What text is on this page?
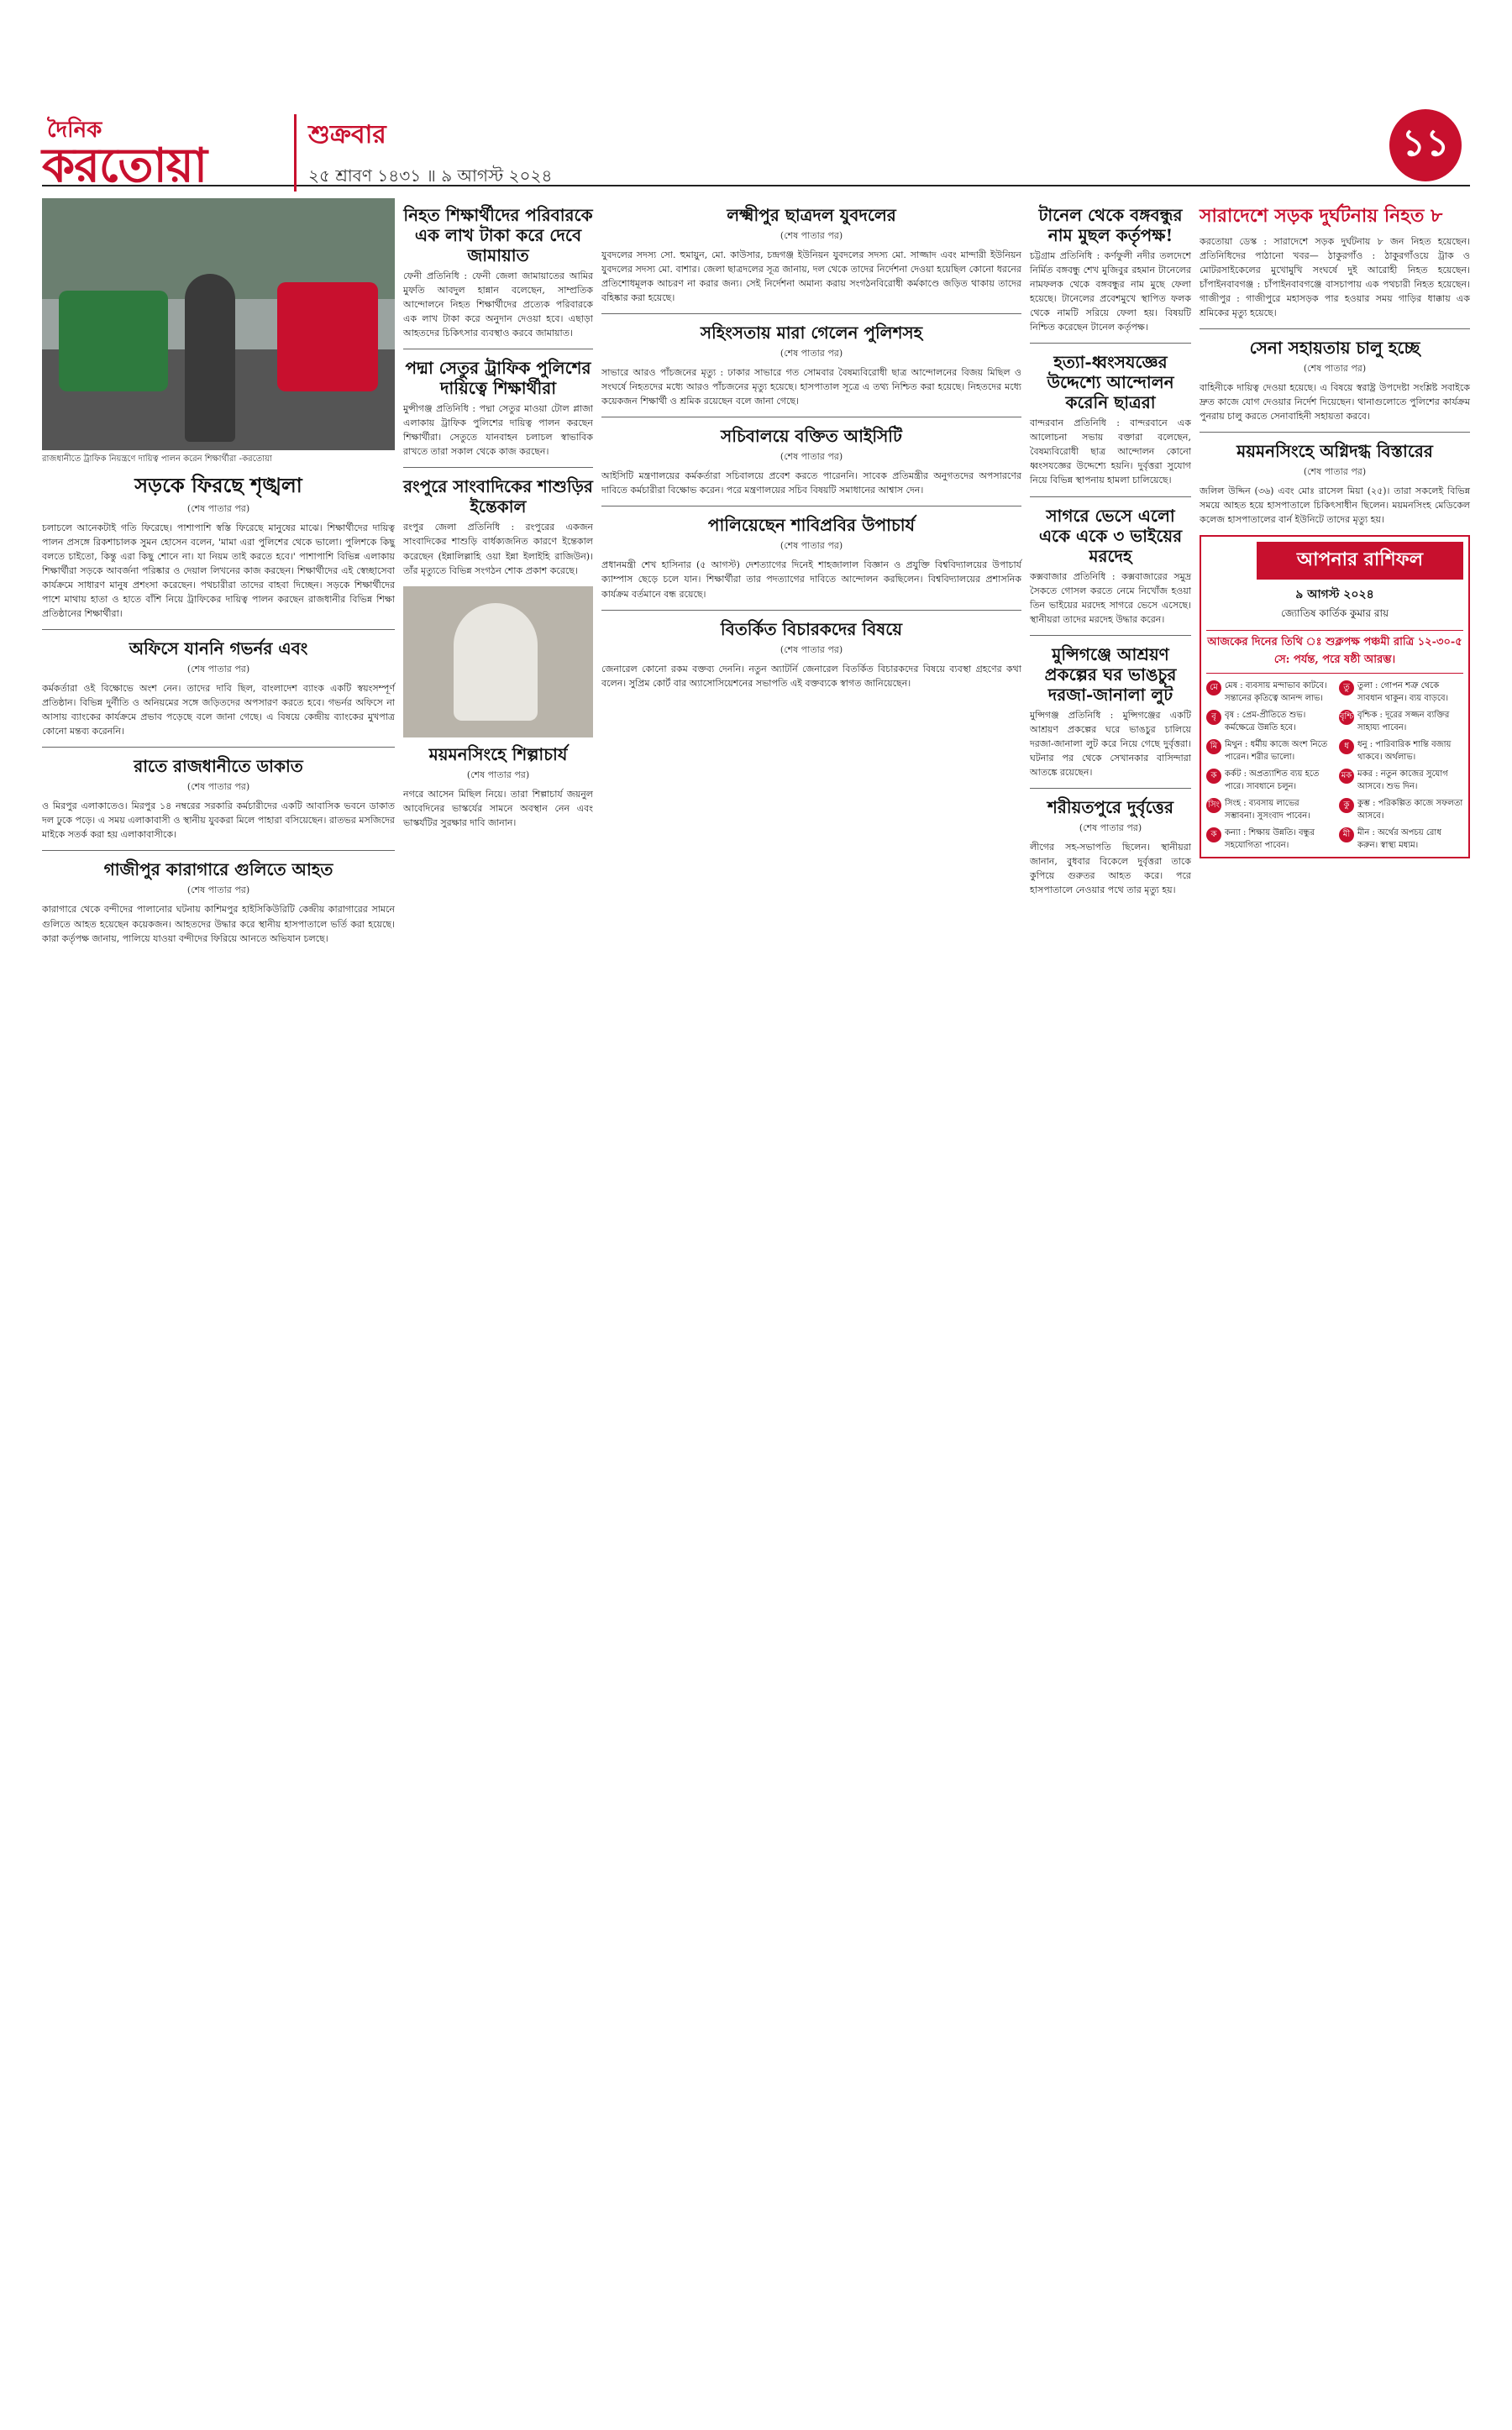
দৈনিক
করতোয়া
শুক্রবার
২৫ শ্রাবণ ১৪৩১ ॥ ৯ আগস্ট ২০২৪
১১
রাজধানীতে ট্রাফিক নিয়ন্ত্রণে দায়িত্ব পালন করেন শিক্ষার্থীরা -করতোয়া
সড়কে ফিরছে শৃঙ্খলা
(শেষ পাতার পর)
চলাচলে আনেকটাই গতি ফিরেছে। পাশাপাশি স্বস্তি ফিরেছে মানুষের মাঝে। শিক্ষার্থীদের দায়িত্ব পালন প্রসঙ্গে রিকশাচালক সুমন হোসেন বলেন, 'মামা এরা পুলিশের থেকে ভালো। পুলিশকে কিছু বলতে চাইতো, কিন্তু এরা কিছু শোনে না। যা নিয়ম তাই করতে হবে।' পাশাপাশি বিভিন্ন এলাকায় শিক্ষার্থীরা সড়কে আবর্জনা পরিষ্কার ও দেয়াল লিখনের কাজ করছেন। শিক্ষার্থীদের এই স্বেচ্ছাসেবা কার্যক্রমে সাধারণ মানুষ প্রশংসা করেছেন। পথচারীরা তাদের বাহবা দিচ্ছেন। সড়কে শিক্ষার্থীদের পাশে মাথায় হাতা ও হাতে বাঁশি নিয়ে ট্রাফিকের দায়িত্ব পালন করছেন রাজধানীর বিভিন্ন শিক্ষা প্রতিষ্ঠানের শিক্ষার্থীরা।
অফিসে যাননি গভর্নর এবং
(শেষ পাতার পর)
কর্মকর্তারা ওই বিক্ষোভে অংশ নেন। তাদের দাবি ছিল, বাংলাদেশ ব্যাংক একটি স্বয়ংসম্পূর্ণ প্রতিষ্ঠান। বিভিন্ন দুর্নীতি ও অনিয়মের সঙ্গে জড়িতদের অপসারণ করতে হবে। গভর্নর অফিসে না আসায় ব্যাংকের কার্যক্রমে প্রভাব পড়েছে বলে জানা গেছে। এ বিষয়ে কেন্দ্রীয় ব্যাংকের মুখপাত্র কোনো মন্তব্য করেননি।
রাতে রাজধানীতে ডাকাত
(শেষ পাতার পর)
ও মিরপুর এলাকাতেও। মিরপুর ১৪ নম্বরের সরকারি কর্মচারীদের একটি আবাসিক ভবনে ডাকাত দল ঢুকে পড়ে। এ সময় এলাকাবাসী ও স্থানীয় যুবকরা মিলে পাহারা বসিয়েছেন। রাতভর মসজিদের মাইকে সতর্ক করা হয় এলাকাবাসীকে।
গাজীপুর কারাগারে গুলিতে আহত
(শেষ পাতার পর)
কারাগারে থেকে বন্দীদের পালানোর ঘটনায় কাশিমপুর হাইসিকিউরিটি কেন্দ্রীয় কারাগারের সামনে গুলিতে আহত হয়েছেন কয়েকজন। আহতদের উদ্ধার করে স্থানীয় হাসপাতালে ভর্তি করা হয়েছে। কারা কর্তৃপক্ষ জানায়, পালিয়ে যাওয়া বন্দীদের ফিরিয়ে আনতে অভিযান চলছে।
নিহত শিক্ষার্থীদের পরিবারকে এক লাখ টাকা করে দেবে জামায়াত
ফেনী প্রতিনিধি : ফেনী জেলা জামায়াতের আমির মুফতি আবদুল হান্নান বলেছেন, সাম্প্রতিক আন্দোলনে নিহত শিক্ষার্থীদের প্রত্যেক পরিবারকে এক লাখ টাকা করে অনুদান দেওয়া হবে। এছাড়া আহতদের চিকিৎসার ব্যবস্থাও করবে জামায়াত।
পদ্মা সেতুর ট্রাফিক পুলিশের দায়িত্বে শিক্ষার্থীরা
মুন্সীগঞ্জ প্রতিনিধি : পদ্মা সেতুর মাওয়া টোল প্লাজা এলাকায় ট্রাফিক পুলিশের দায়িত্ব পালন করছেন শিক্ষার্থীরা। সেতুতে যানবাহন চলাচল স্বাভাবিক রাখতে তারা সকাল থেকে কাজ করছেন।
রংপুরে সাংবাদিকের শাশুড়ির ইন্তেকাল
রংপুর জেলা প্রতিনিধি : রংপুরের একজন সাংবাদিকের শাশুড়ি বার্ধক্যজনিত কারণে ইন্তেকাল করেছেন (ইন্নালিল্লাহি ওয়া ইন্না ইলাইহি রাজিউন)। তাঁর মৃত্যুতে বিভিন্ন সংগঠন শোক প্রকাশ করেছে।
ময়মনসিংহে শিল্পাচার্য
(শেষ পাতার পর)
নগরে আসেন মিছিল নিয়ে। তারা শিল্পাচার্য জয়নুল আবেদিনের ভাস্কর্যের সামনে অবস্থান নেন এবং ভাস্কর্যটির সুরক্ষার দাবি জানান।
লক্ষ্মীপুর ছাত্রদল যুবদলের
(শেষ পাতার পর)
যুবদলের সদস্য সো. হুমায়ুন, মো. কাউসার, চন্দ্রগঞ্জ ইউনিয়ন যুবদলের সদস্য মো. সাজ্জাদ এবং মান্দারী ইউনিয়ন যুবদলের সদস্য মো. বাশার। জেলা ছাত্রদলের সূত্র জানায়, দল থেকে তাদের নির্দেশনা দেওয়া হয়েছিল কোনো ধরনের প্রতিশোধমূলক আচরণ না করার জন্য। সেই নির্দেশনা অমান্য করায় সংগঠনবিরোধী কর্মকাণ্ডে জড়িত থাকায় তাদের বহিষ্কার করা হয়েছে।
সহিংসতায় মারা গেলেন পুলিশসহ
(শেষ পাতার পর)
সাভারে আরও পাঁচজনের মৃত্যু : ঢাকার সাভারে গত সোমবার বৈষম্যবিরোধী ছাত্র আন্দোলনের বিজয় মিছিল ও সংঘর্ষে নিহতদের মধ্যে আরও পাঁচজনের মৃত্যু হয়েছে। হাসপাতাল সূত্রে এ তথ্য নিশ্চিত করা হয়েছে। নিহতদের মধ্যে কয়েকজন শিক্ষার্থী ও শ্রমিক রয়েছেন বলে জানা গেছে।
সচিবালয়ে বক্তিত আইসিটি
(শেষ পাতার পর)
আইসিটি মন্ত্রণালয়ের কর্মকর্তারা সচিবালয়ে প্রবেশ করতে পারেননি। সাবেক প্রতিমন্ত্রীর অনুগতদের অপসারণের দাবিতে কর্মচারীরা বিক্ষোভ করেন। পরে মন্ত্রণালয়ের সচিব বিষয়টি সমাধানের আশ্বাস দেন।
পালিয়েছেন শাবিপ্রবির উপাচার্য
(শেষ পাতার পর)
প্রধানমন্ত্রী শেখ হাসিনার (৫ আগস্ট) দেশত্যাগের দিনেই শাহজালাল বিজ্ঞান ও প্রযুক্তি বিশ্ববিদ্যালয়ের উপাচার্য ক্যাম্পাস ছেড়ে চলে যান। শিক্ষার্থীরা তার পদত্যাগের দাবিতে আন্দোলন করছিলেন। বিশ্ববিদ্যালয়ের প্রশাসনিক কার্যক্রম বর্তমানে বন্ধ রয়েছে।
বিতর্কিত বিচারকদের বিষয়ে
(শেষ পাতার পর)
জেনারেল কোনো রকম বক্তব্য দেননি। নতুন অ্যাটর্নি জেনারেল বিতর্কিত বিচারকদের বিষয়ে ব্যবস্থা গ্রহণের কথা বলেন। সুপ্রিম কোর্ট বার অ্যাসোসিয়েশনের সভাপতি এই বক্তব্যকে স্বাগত জানিয়েছেন।
টানেল থেকে বঙ্গবন্ধুর নাম মুছল কর্তৃপক্ষ!
চট্টগ্রাম প্রতিনিধি : কর্ণফুলী নদীর তলদেশে নির্মিত বঙ্গবন্ধু শেখ মুজিবুর রহমান টানেলের নামফলক থেকে বঙ্গবন্ধুর নাম মুছে ফেলা হয়েছে। টানেলের প্রবেশমুখে স্থাপিত ফলক থেকে নামটি সরিয়ে ফেলা হয়। বিষয়টি নিশ্চিত করেছেন টানেল কর্তৃপক্ষ।
হত্যা-ধ্বংসযজ্ঞের উদ্দেশ্যে আন্দোলন করেনি ছাত্ররা
বান্দরবান প্রতিনিধি : বান্দরবানে এক আলোচনা সভায় বক্তারা বলেছেন, বৈষম্যবিরোধী ছাত্র আন্দোলন কোনো ধ্বংসযজ্ঞের উদ্দেশ্যে হয়নি। দুর্বৃত্তরা সুযোগ নিয়ে বিভিন্ন স্থাপনায় হামলা চালিয়েছে।
সাগরে ভেসে এলো একে একে ৩ ভাইয়ের মরদেহ
কক্সবাজার প্রতিনিধি : কক্সবাজারের সমুদ্র সৈকতে গোসল করতে নেমে নিখোঁজ হওয়া তিন ভাইয়ের মরদেহ সাগরে ভেসে এসেছে। স্থানীয়রা তাদের মরদেহ উদ্ধার করেন।
মুন্সিগঞ্জে আশ্রয়ণ প্রকল্পের ঘর ভাঙচুর দরজা-জানালা লুট
মুন্সিগঞ্জ প্রতিনিধি : মুন্সিগঞ্জের একটি আশ্রয়ণ প্রকল্পের ঘরে ভাঙচুর চালিয়ে দরজা-জানালা লুট করে নিয়ে গেছে দুর্বৃত্তরা। ঘটনার পর থেকে সেখানকার বাসিন্দারা আতঙ্কে রয়েছেন।
শরীয়তপুরে দুর্বৃত্তের
(শেষ পাতার পর)
লীগের সহ-সভাপতি ছিলেন। স্থানীয়রা জানান, বুধবার বিকেলে দুর্বৃত্তরা তাকে কুপিয়ে গুরুতর আহত করে। পরে হাসপাতালে নেওয়ার পথে তার মৃত্যু হয়।
সারাদেশে সড়ক দুর্ঘটনায় নিহত ৮
করতোয়া ডেস্ক : সারাদেশে সড়ক দুর্ঘটনায় ৮ জন নিহত হয়েছেন। প্রতিনিধিদের পাঠানো খবর— ঠাকুরগাঁও : ঠাকুরগাঁওয়ে ট্রাক ও মোটরসাইকেলের মুখোমুখি সংঘর্ষে দুই আরোহী নিহত হয়েছেন। চাঁপাইনবাবগঞ্জ : চাঁপাইনবাবগঞ্জে বাসচাপায় এক পথচারী নিহত হয়েছেন। গাজীপুর : গাজীপুরে মহাসড়ক পার হওয়ার সময় গাড়ির ধাক্কায় এক শ্রমিকের মৃত্যু হয়েছে।
সেনা সহায়তায় চালু হচ্ছে
(শেষ পাতার পর)
বাহিনীকে দায়িত্ব দেওয়া হয়েছে। এ বিষয়ে স্বরাষ্ট্র উপদেষ্টা সংশ্লিষ্ট সবাইকে দ্রুত কাজে যোগ দেওয়ার নির্দেশ দিয়েছেন। থানাগুলোতে পুলিশের কার্যক্রম পুনরায় চালু করতে সেনাবাহিনী সহায়তা করবে।
ময়মনসিংহে অগ্নিদগ্ধ বিস্তারের
(শেষ পাতার পর)
জলিল উদ্দিন (৩৬) এবং মোঃ রাসেল মিয়া (২৫)। তারা সকলেই বিভিন্ন সময়ে আহত হয়ে হাসপাতালে চিকিৎসাধীন ছিলেন। ময়মনসিংহ মেডিকেল কলেজ হাসপাতালের বার্ন ইউনিটে তাদের মৃত্যু হয়।
আপনার রাশিফল
৯ আগস্ট ২০২৪
জ্যোতিষ কার্তিক কুমার রায়
আজকের দিনের তিথি ঃ শুক্লপক্ষ পঞ্চমী রাত্রি ১২-৩০-৫ সে: পর্যন্ত, পরে ষষ্ঠী আরম্ভ।
মে মেষ : ব্যবসায় মন্দাভাব কাটবে। সন্তানের কৃতিত্বে আনন্দ লাভ।
তু তুলা : গোপন শত্রু থেকে সাবধান থাকুন। ব্যয় বাড়বে।
বৃ	বৃষ : প্রেম-প্রীতিতে শুভ। কর্মক্ষেত্রে উন্নতি হবে।
বৃশ্চি বৃশ্চিক : দূরের সজ্জন ব্যক্তির সাহায্য পাবেন।
মি মিথুন : ধর্মীয় কাজে অংশ নিতে পারেন। শরীর ভালো।
ধ	ধনু : পারিবারিক শান্তি বজায় থাকবে। অর্থলাভ।
ক কর্কট : অপ্রত্যাশিত ব্যয় হতে পারে। সাবধানে চলুন।
মক মকর : নতুন কাজের সুযোগ আসবে। শুভ দিন।
সিং সিংহ : ব্যবসায় লাভের সম্ভাবনা। সুসংবাদ পাবেন।
কু কুম্ভ : পরিকল্পিত কাজে সফলতা আসবে।
ক কন্যা : শিক্ষায় উন্নতি। বন্ধুর সহযোগিতা পাবেন।
মী মীন : অর্থের অপচয় রোধ করুন। স্বাস্থ্য মধ্যম।
